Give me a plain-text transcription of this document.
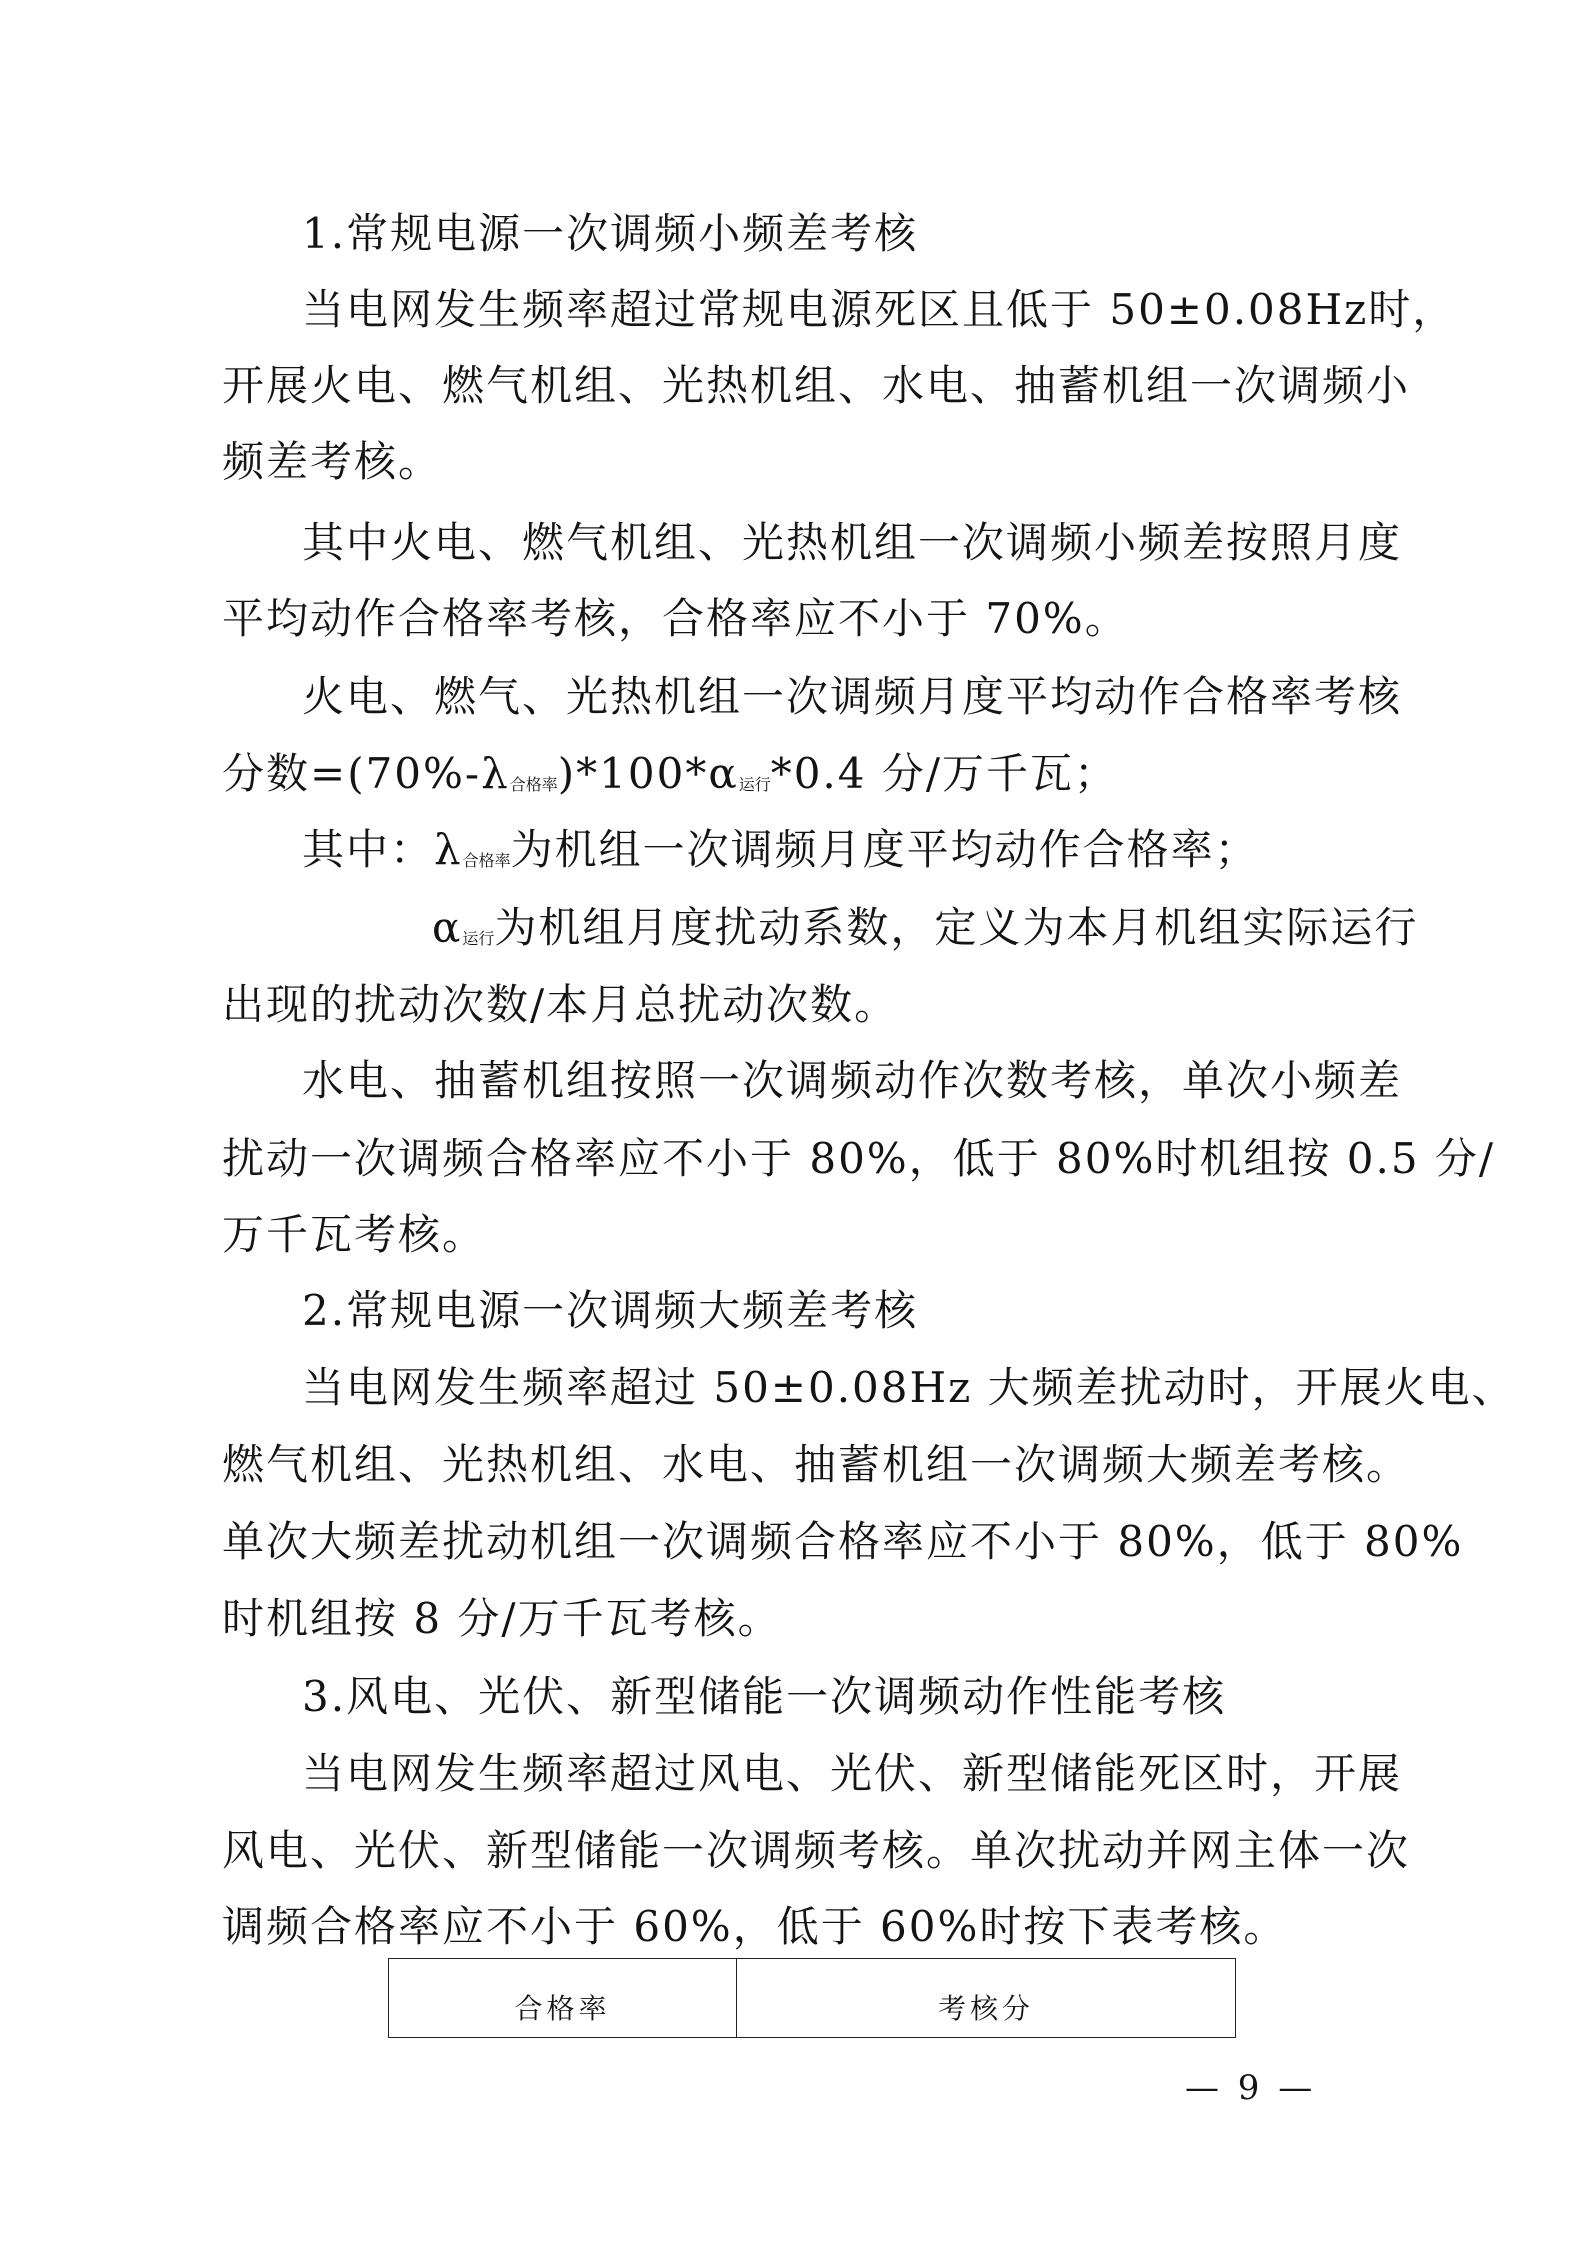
1.常规电源一次调频小频差考核
当电网发生频率超过常规电源死区且低于 50±0.08Hz时，
开展火电、燃气机组、光热机组、水电、抽蓄机组一次调频小
频差考核。
其中火电、燃气机组、光热机组一次调频小频差按照月度
平均动作合格率考核，合格率应不小于 70%。
火电、燃气、光热机组一次调频月度平均动作合格率考核
分数=(70%-λ合格率)*100*α运行*0.4 分/万千瓦；
其中：λ合格率为机组一次调频月度平均动作合格率；
α运行为机组月度扰动系数，定义为本月机组实际运行
出现的扰动次数/本月总扰动次数。
水电、抽蓄机组按照一次调频动作次数考核，单次小频差
扰动一次调频合格率应不小于 80%，低于 80%时机组按 0.5 分/
万千瓦考核。
2.常规电源一次调频大频差考核
当电网发生频率超过 50±0.08Hz 大频差扰动时，开展火电、
燃气机组、光热机组、水电、抽蓄机组一次调频大频差考核。
单次大频差扰动机组一次调频合格率应不小于 80%，低于 80%
时机组按 8 分/万千瓦考核。
3.风电、光伏、新型储能一次调频动作性能考核
当电网发生频率超过风电、光伏、新型储能死区时，开展
风电、光伏、新型储能一次调频考核。单次扰动并网主体一次
调频合格率应不小于 60%，低于 60%时按下表考核。
合格率	考核分
— 9 —
